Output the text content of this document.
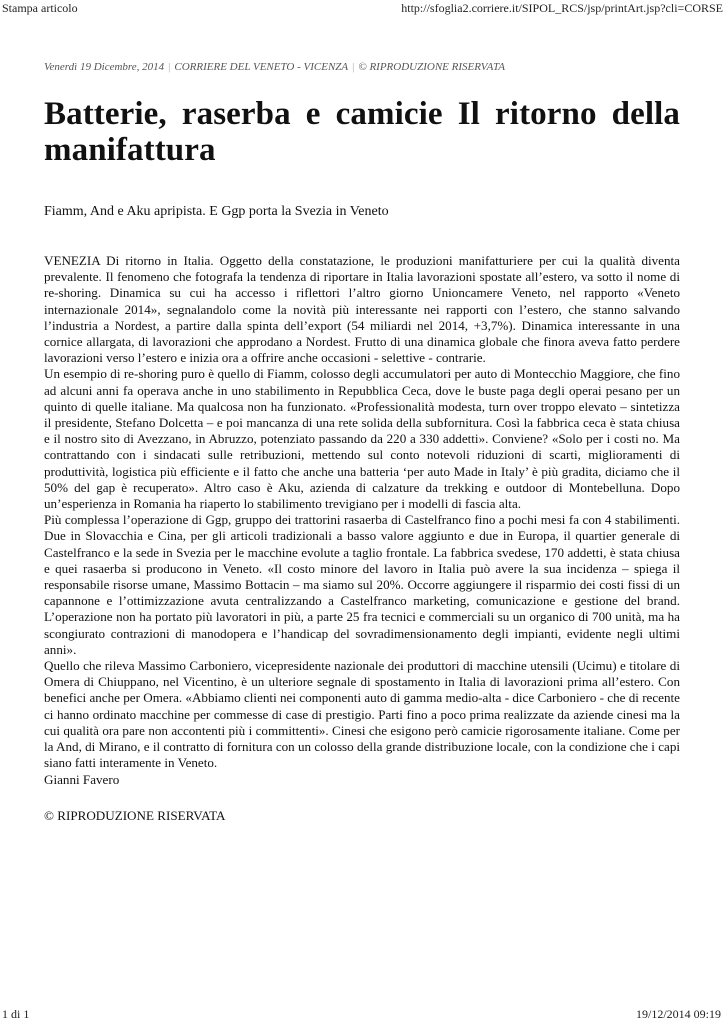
Stampa articolo	http://sfoglia2.corriere.it/SIPOL_RCS/jsp/printArt.jsp?cli=CORSE

Venerdì 19 Dicembre, 2014 | CORRIERE DEL VENETO - VICENZA | © RIPRODUZIONE RISERVATA

Batterie, raserba e camicie Il ritorno della manifattura

Fiamm, And e Aku apripista. E Ggp porta la Svezia in Veneto

VENEZIA Di ritorno in Italia. Oggetto della constatazione, le produzioni manifatturiere per cui la qualità diventa prevalente. Il fenomeno che fotografa la tendenza di riportare in Italia lavorazioni spostate all’estero, va sotto il nome di re-shoring. Dinamica su cui ha accesso i riflettori l’altro giorno Unioncamere Veneto, nel rapporto «Veneto internazionale 2014», segnalandolo come la novità più interessante nei rapporti con l’estero, che stanno salvando l’industria a Nordest, a partire dalla spinta dell’export (54 miliardi nel 2014, +3,7%). Dinamica interessante in una cornice allargata, di lavorazioni che approdano a Nordest. Frutto di una dinamica globale che finora aveva fatto perdere lavorazioni verso l’estero e inizia ora a offrire anche occasioni - selettive - contrarie.

Un esempio di re-shoring puro è quello di Fiamm, colosso degli accumulatori per auto di Montecchio Maggiore, che fino ad alcuni anni fa operava anche in uno stabilimento in Repubblica Ceca, dove le buste paga degli operai pesano per un quinto di quelle italiane. Ma qualcosa non ha funzionato. «Professionalità modesta, turn over troppo elevato – sintetizza il presidente, Stefano Dolcetta – e poi mancanza di una rete solida della subfornitura. Così la fabbrica ceca è stata chiusa e il nostro sito di Avezzano, in Abruzzo, potenziato passando da 220 a 330 addetti». Conviene? «Solo per i costi no. Ma contrattando con i sindacati sulle retribuzioni, mettendo sul conto notevoli riduzioni di scarti, miglioramenti di produttività, logistica più efficiente e il fatto che anche una batteria ‘per auto Made in Italy’ è più gradita, diciamo che il 50% del gap è recuperato». Altro caso è Aku, azienda di calzature da trekking e outdoor di Montebelluna. Dopo un’esperienza in Romania ha riaperto lo stabilimento trevigiano per i modelli di fascia alta.

Più complessa l’operazione di Ggp, gruppo dei trattorini rasaerba di Castelfranco fino a pochi mesi fa con 4 stabilimenti. Due in Slovacchia e Cina, per gli articoli tradizionali a basso valore aggiunto e due in Europa, il quartier generale di Castelfranco e la sede in Svezia per le macchine evolute a taglio frontale. La fabbrica svedese, 170 addetti, è stata chiusa e quei rasaerba si producono in Veneto. «Il costo minore del lavoro in Italia può avere la sua incidenza – spiega il responsabile risorse umane, Massimo Bottacin – ma siamo sul 20%. Occorre aggiungere il risparmio dei costi fissi di un capannone e l’ottimizzazione avuta centralizzando a Castelfranco marketing, comunicazione e gestione del brand. L’operazione non ha portato più lavoratori in più, a parte 25 fra tecnici e commerciali su un organico di 700 unità, ma ha scongiurato contrazioni di manodopera e l’handicap del sovradimensionamento degli impianti, evidente negli ultimi anni».

Quello che rileva Massimo Carboniero, vicepresidente nazionale dei produttori di macchine utensili (Ucimu) e titolare di Omera di Chiuppano, nel Vicentino, è un ulteriore segnale di spostamento in Italia di lavorazioni prima all’estero. Con benefici anche per Omera. «Abbiamo clienti nei componenti auto di gamma medio-alta - dice Carboniero - che di recente ci hanno ordinato macchine per commesse di case di prestigio. Parti fino a poco prima realizzate da aziende cinesi ma la cui qualità ora pare non accontenti più i committenti». Cinesi che esigono però camicie rigorosamente italiane. Come per la And, di Mirano, e il contratto di fornitura con un colosso della grande distribuzione locale, con la condizione che i capi siano fatti interamente in Veneto.

Gianni Favero

© RIPRODUZIONE RISERVATA

1 di 1	19/12/2014 09:19
